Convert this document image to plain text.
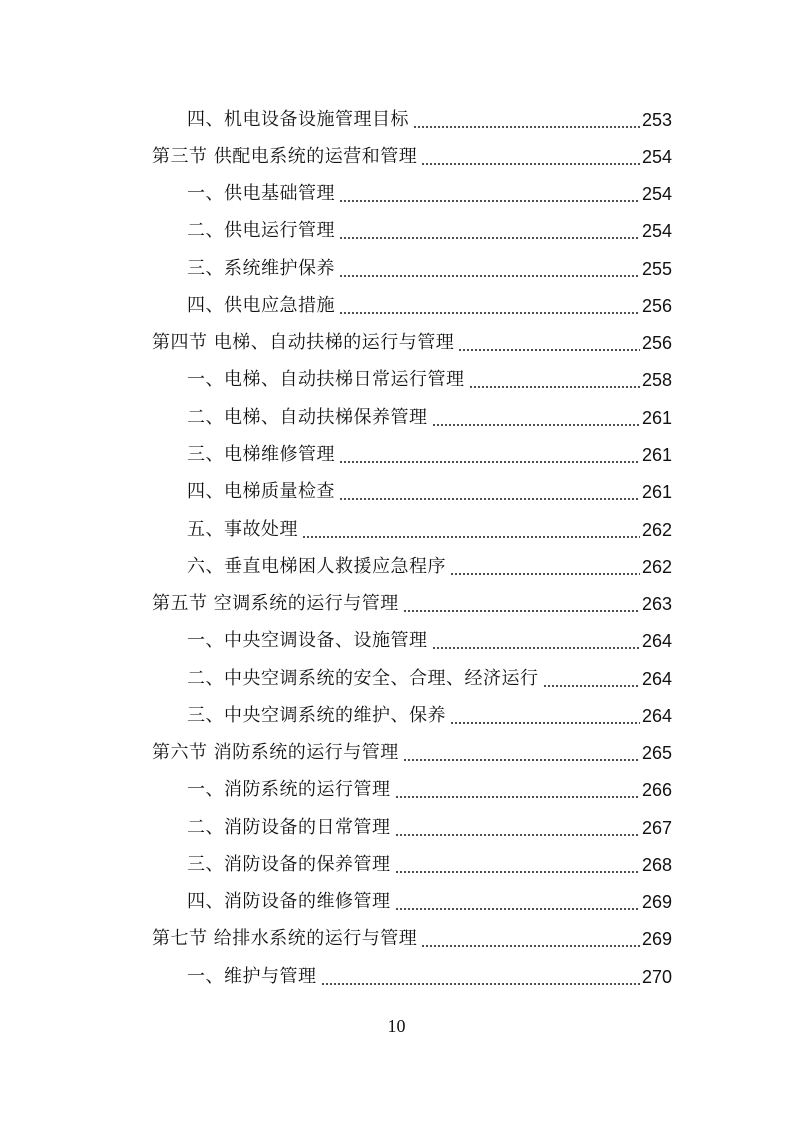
四、机电设备设施管理目标	253
第三节 供配电系统的运营和管理	254
一、供电基础管理	254
二、供电运行管理	254
三、系统维护保养	255
四、供电应急措施	256
第四节 电梯、自动扶梯的运行与管理	256
一、电梯、自动扶梯日常运行管理	258
二、电梯、自动扶梯保养管理	261
三、电梯维修管理	261
四、电梯质量检查	261
五、事故处理	262
六、垂直电梯困人救援应急程序	262
第五节 空调系统的运行与管理	263
一、中央空调设备、设施管理	264
二、中央空调系统的安全、合理、经济运行	264
三、中央空调系统的维护、保养	264
第六节 消防系统的运行与管理	265
一、消防系统的运行管理	266
二、消防设备的日常管理	267
三、消防设备的保养管理	268
四、消防设备的维修管理	269
第七节 给排水系统的运行与管理	269
一、维护与管理	270
10
